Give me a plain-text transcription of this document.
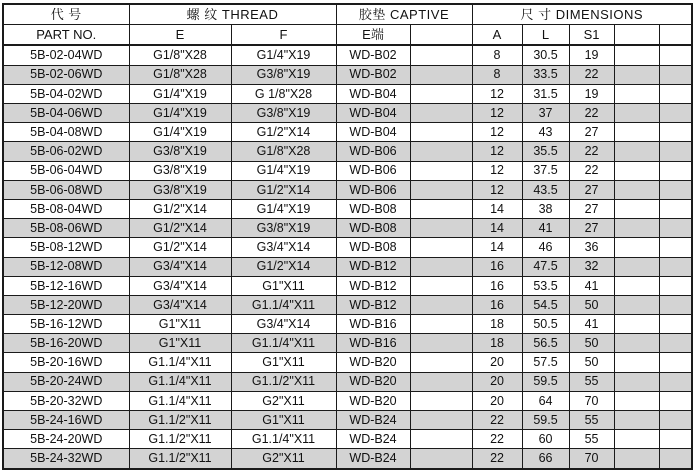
代 号	螺 纹 THREAD		胶垫 CAPTIVE		尺 寸 DIMENSIONS				
PART NO.	E	F	E端		A	L	S1		
5B-02-04WD	G1/8"X28	G1/4"X19	WD-B02		8	30.5	19		
5B-02-06WD	G1/8"X28	G3/8"X19	WD-B02		8	33.5	22		
5B-04-02WD	G1/4"X19	G 1/8"X28	WD-B04		12	31.5	19		
5B-04-06WD	G1/4"X19	G3/8"X19	WD-B04		12	37	22		
5B-04-08WD	G1/4"X19	G1/2"X14	WD-B04		12	43	27		
5B-06-02WD	G3/8"X19	G1/8"X28	WD-B06		12	35.5	22		
5B-06-04WD	G3/8"X19	G1/4"X19	WD-B06		12	37.5	22		
5B-06-08WD	G3/8"X19	G1/2"X14	WD-B06		12	43.5	27		
5B-08-04WD	G1/2"X14	G1/4"X19	WD-B08		14	38	27		
5B-08-06WD	G1/2"X14	G3/8"X19	WD-B08		14	41	27		
5B-08-12WD	G1/2"X14	G3/4"X14	WD-B08		14	46	36		
5B-12-08WD	G3/4"X14	G1/2"X14	WD-B12		16	47.5	32		
5B-12-16WD	G3/4"X14	G1"X11	WD-B12		16	53.5	41		
5B-12-20WD	G3/4"X14	G1.1/4"X11	WD-B12		16	54.5	50		
5B-16-12WD	G1"X11	G3/4"X14	WD-B16		18	50.5	41		
5B-16-20WD	G1"X11	G1.1/4"X11	WD-B16		18	56.5	50		
5B-20-16WD	G1.1/4"X11	G1"X11	WD-B20		20	57.5	50		
5B-20-24WD	G1.1/4"X11	G1.1/2"X11	WD-B20		20	59.5	55		
5B-20-32WD	G1.1/4"X11	G2"X11	WD-B20		20	64	70		
5B-24-16WD	G1.1/2"X11	G1"X11	WD-B24		22	59.5	55		
5B-24-20WD	G1.1/2"X11	G1.1/4"X11	WD-B24		22	60	55		
5B-24-32WD	G1.1/2"X11	G2"X11	WD-B24		22	66	70		
